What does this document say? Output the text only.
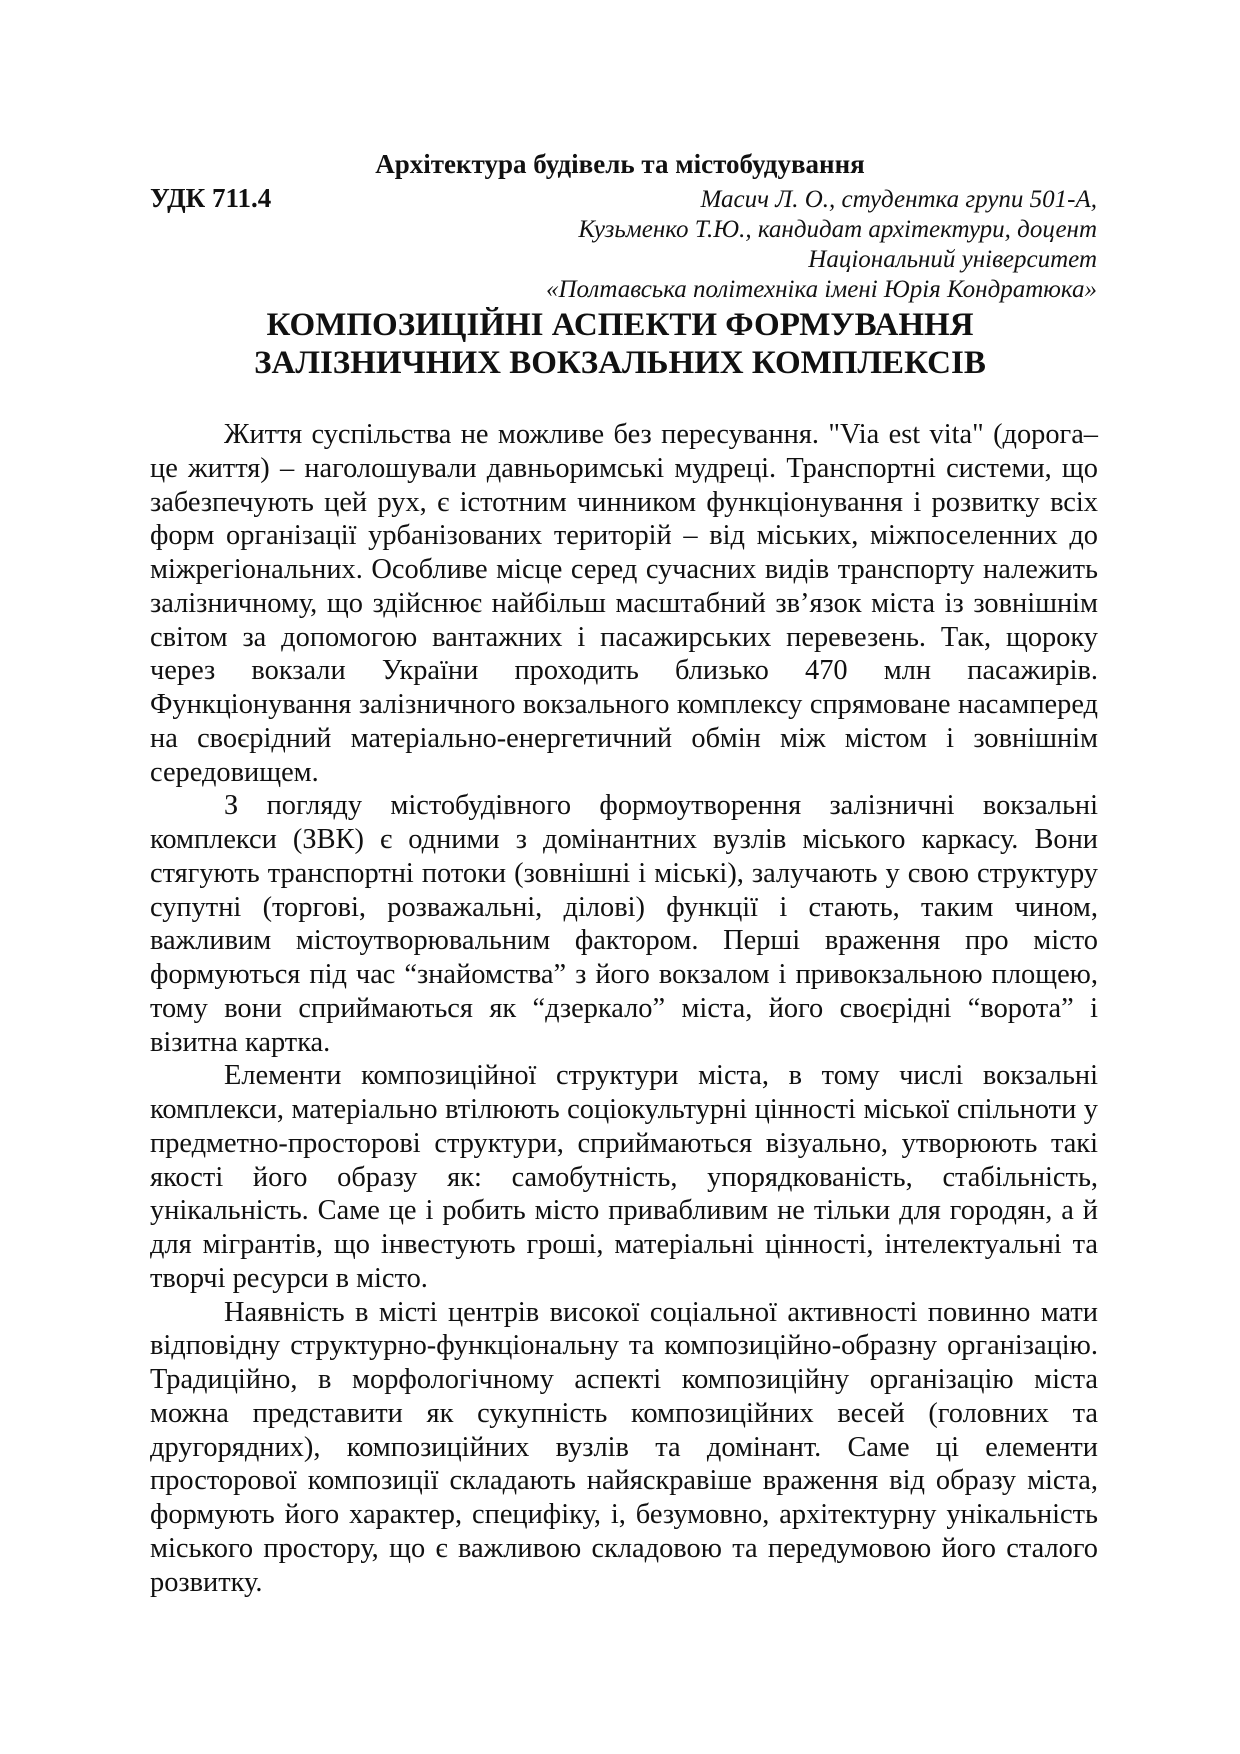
Архітектура будівель та містобудування
УДК 711.4	Масич Л. О., студентка групи 501-А,
Кузьменко Т.Ю., кандидат архітектури, доцент
Національний університет
«Полтавська політехніка імені Юрія Кондратюка»
КОМПОЗИЦІЙНІ АСПЕКТИ ФОРМУВАННЯ
ЗАЛІЗНИЧНИХ ВОКЗАЛЬНИХ КОМПЛЕКСІВ

Життя суспільства не можливе без пересування. "Via est vita" (дорога–це життя) – наголошували давньоримські мудреці. Транспортні системи, що забезпечують цей рух, є істотним чинником функціонування і розвитку всіх форм організації урбанізованих територій – від міських, міжпоселенних до міжрегіональних. Особливе місце серед сучасних видів транспорту належить залізничному, що здійснює найбільш масштабний зв’язок міста із зовнішнім світом за допомогою вантажних і пасажирських перевезень. Так, щороку через вокзали України проходить близько 470 млн пасажирів. Функціонування залізничного вокзального комплексу спрямоване насамперед на своєрідний матеріально-енергетичний обмін між містом і зовнішнім середовищем.

З погляду містобудівного формоутворення залізничні вокзальні комплекси (ЗВК) є одними з домінантних вузлів міського каркасу. Вони стягують транспортні потоки (зовнішні і міські), залучають у свою структуру супутні (торгові, розважальні, ділові) функції і стають, таким чином, важливим містоутворювальним фактором. Перші враження про місто формуються під час “знайомства” з його вокзалом і привокзальною площею, тому вони сприймаються як “дзеркало” міста, його своєрідні “ворота” і візитна картка.

Елементи композиційної структури міста, в тому числі вокзальні комплекси, матеріально втілюють соціокультурні цінності міської спільноти у предметно-просторові структури, сприймаються візуально, утворюють такі якості його образу як: самобутність, упорядкованість, стабільність, унікальність. Саме це і робить місто привабливим не тільки для городян, а й для мігрантів, що інвестують гроші, матеріальні цінності, інтелектуальні та творчі ресурси в місто.

Наявність в місті центрів високої соціальної активності повинно мати відповідну структурно-функціональну та композиційно-образну організацію. Традиційно, в морфологічному аспекті композиційну організацію міста можна представити як сукупність композиційних весей (головних та другорядних), композиційних вузлів та домінант. Саме ці елементи просторової композиції складають найяскравіше враження від образу міста, формують його характер, специфіку, і, безумовно, архітектурну унікальність міського простору, що є важливою складовою та передумовою його сталого розвитку.
